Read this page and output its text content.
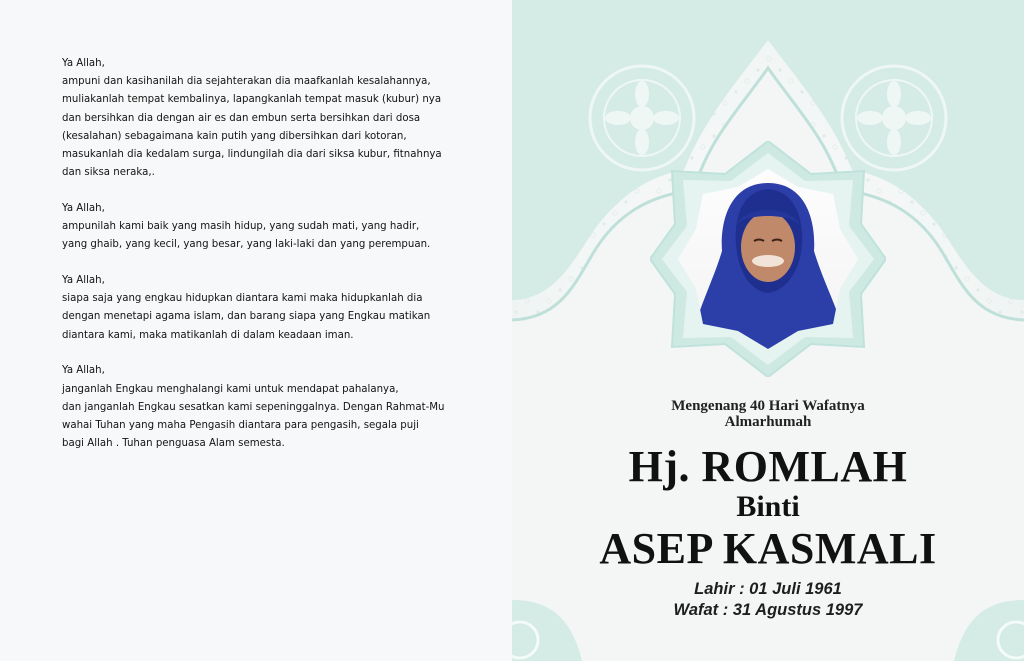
Ya Allah,
ampuni dan kasihanilah dia sejahterakan dia maafkanlah kesalahannya,
muliakanlah tempat kembalinya, lapangkanlah tempat masuk (kubur) nya
dan bersihkan dia dengan air es dan embun serta bersihkan dari dosa
(kesalahan) sebagaimana kain putih yang dibersihkan dari kotoran,
masukanlah dia kedalam surga, lindungilah dia dari siksa kubur, fitnahnya
dan siksa neraka,.
Ya Allah,
ampunilah kami baik yang masih hidup, yang sudah mati, yang hadir,
yang ghaib, yang kecil, yang besar, yang laki-laki dan yang perempuan.
Ya Allah,
siapa saja yang engkau hidupkan diantara kami maka hidupkanlah dia
dengan menetapi agama islam, dan barang siapa yang Engkau matikan
diantara kami, maka matikanlah di dalam keadaan iman.
Ya Allah,
janganlah Engkau menghalangi kami untuk mendapat pahalanya,
dan janganlah Engkau sesatkan kami sepeninggalnya. Dengan Rahmat-Mu
wahai Tuhan yang maha Pengasih diantara para pengasih, segala puji
bagi Allah . Tuhan penguasa Alam semesta.
Mengenang 40 Hari Wafatnya
Almarhumah
Hj. ROMLAH
Binti
ASEP KASMALI
Lahir : 01 Juli 1961
Wafat : 31 Agustus 1997
